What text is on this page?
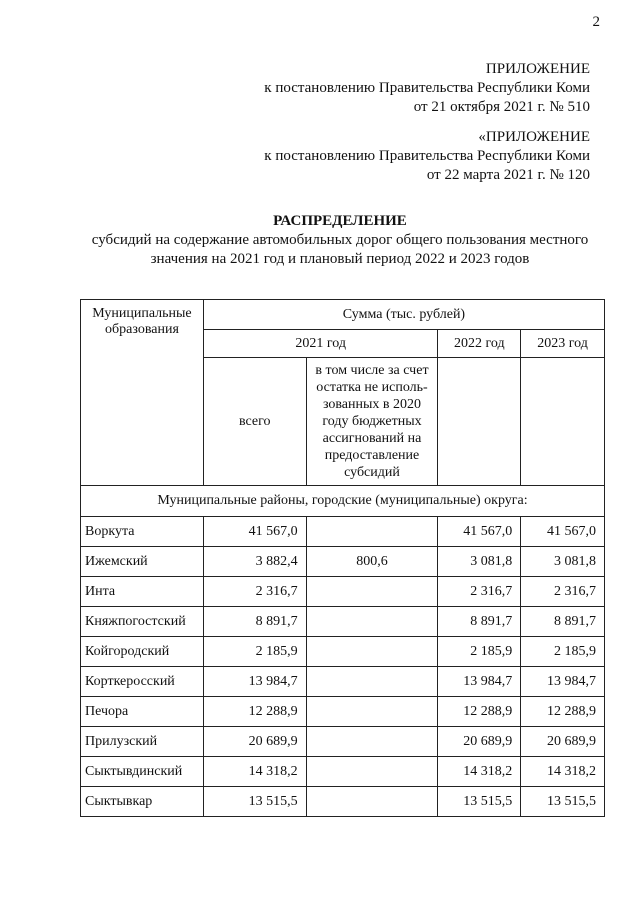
2
ПРИЛОЖЕНИЕ
к постановлению Правительства Республики Коми
от 21 октября 2021 г. № 510
«ПРИЛОЖЕНИЕ
к постановлению Правительства Республики Коми
от 22 марта 2021 г. № 120
РАСПРЕДЕЛЕНИЕ
субсидий на содержание автомобильных дорог общего пользования местного
значения на 2021 год и плановый период 2022 и 2023 годов
Муниципальные образования	Сумма (тыс. рублей)			
	2021 год		2022 год	2023 год
	всего	в том числе за счет остатка не исполь-зованных в 2020 году бюджетных ассигнований на предоставление субсидий		
Муниципальные районы, городские (муниципальные) округа:				
Воркута	41 567,0		41 567,0	41 567,0
Ижемский	3 882,4	800,6	3 081,8	3 081,8
Инта	2 316,7		2 316,7	2 316,7
Княжпогостский	8 891,7		8 891,7	8 891,7
Койгородский	2 185,9		2 185,9	2 185,9
Корткеросский	13 984,7		13 984,7	13 984,7
Печора	12 288,9		12 288,9	12 288,9
Прилузский	20 689,9		20 689,9	20 689,9
Сыктывдинский	14 318,2		14 318,2	14 318,2
Сыктывкар	13 515,5		13 515,5	13 515,5
